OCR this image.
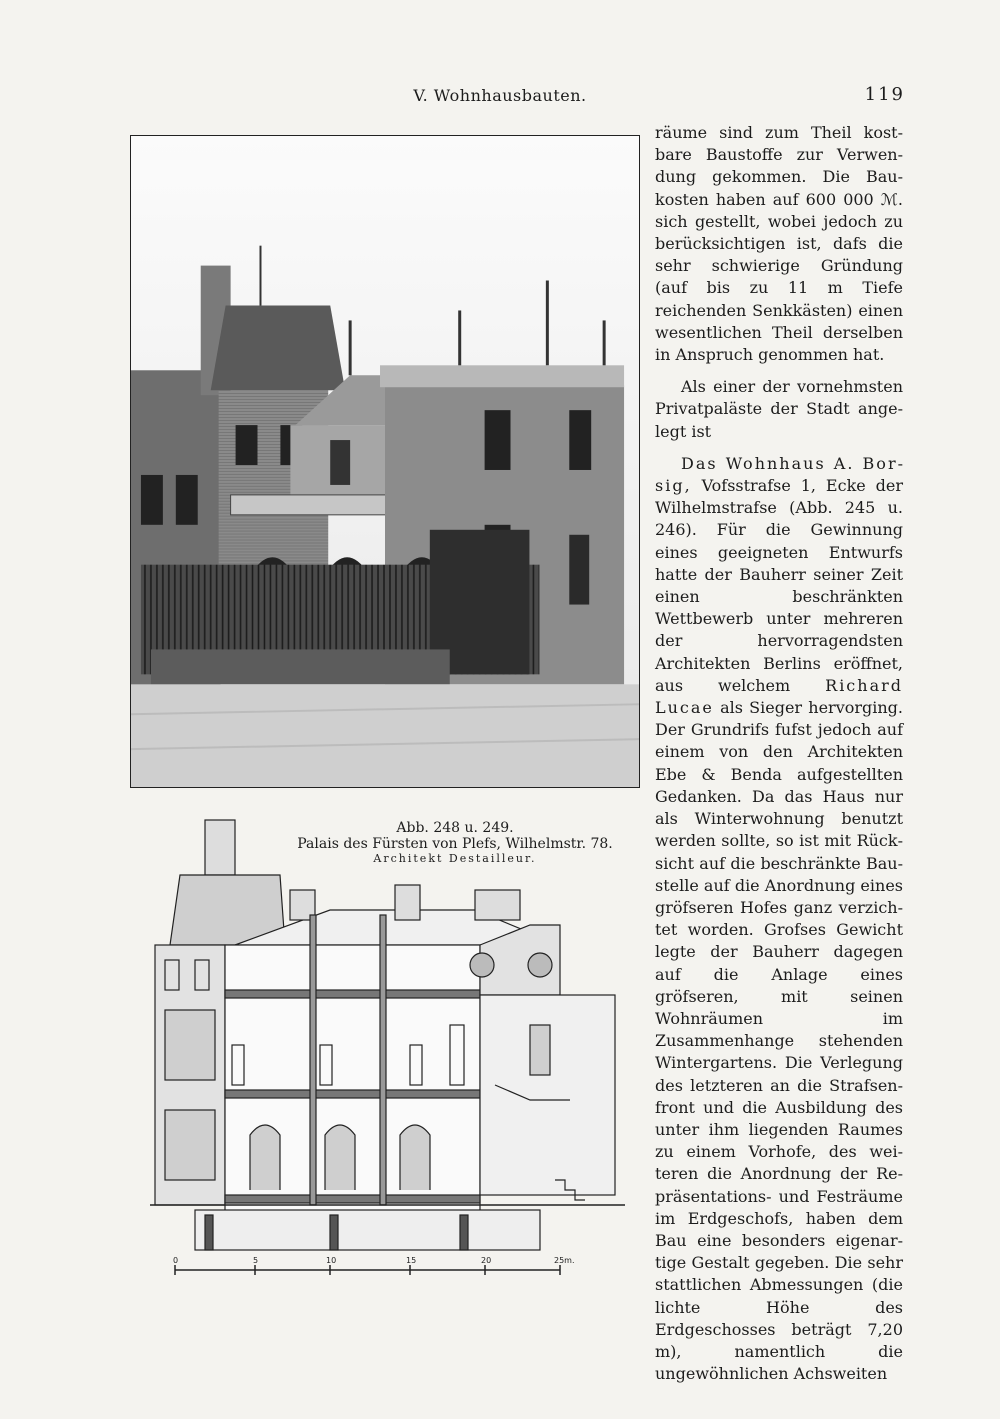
V. Wohnhausbauten.	119
Abb. 248 u. 249.
Palais des Fürsten von Plefs, Wilhelmstr. 78.
Architekt Destailleur.
0	5	10	15	20	25m.

räume sind zum Theil kostbare Baustoffe zur Verwendung gekommen. Die Baukosten haben auf 600 000 ℳ. sich gestellt, wobei jedoch zu berücksichtigen ist, dafs die sehr schwierige Gründung (auf bis zu 11 m Tiefe reichenden Senkkästen) einen wesentlichen Theil derselben in Anspruch genommen hat.

Als einer der vornehmsten Privatpaläste der Stadt angelegt ist

Das Wohnhaus A. Borsig, Vofsstrafse 1, Ecke der Wilhelmstrafse (Abb. 245 u. 246). Für die Gewinnung eines geeigneten Entwurfs hatte der Bauherr seiner Zeit einen beschränkten Wettbewerb unter mehreren der hervorragendsten Architekten Berlins eröffnet, aus welchem Richard Lucae als Sieger hervorging. Der Grundrifs fufst jedoch auf einem von den Architekten Ebe & Benda aufgestellten Gedanken. Da das Haus nur als Winterwohnung benutzt werden sollte, so ist mit Rücksicht auf die beschränkte Baustelle auf die Anordnung eines gröfseren Hofes ganz verzichtet worden. Grofses Gewicht legte der Bauherr dagegen auf die Anlage eines gröfseren, mit seinen Wohnräumen im Zusammenhange stehenden Wintergartens. Die Verlegung des letzteren an die Strafsenfront und die Ausbildung des unter ihm liegenden Raumes zu einem Vorhofe, des weiteren die Anordnung der Repräsentations- und Festräume im Erdgeschofs, haben dem Bau eine besonders eigenartige Gestalt gegeben. Die sehr stattlichen Abmessungen (die lichte Höhe des Erdgeschosses beträgt 7,20 m), namentlich die ungewöhnlichen Achsweiten
